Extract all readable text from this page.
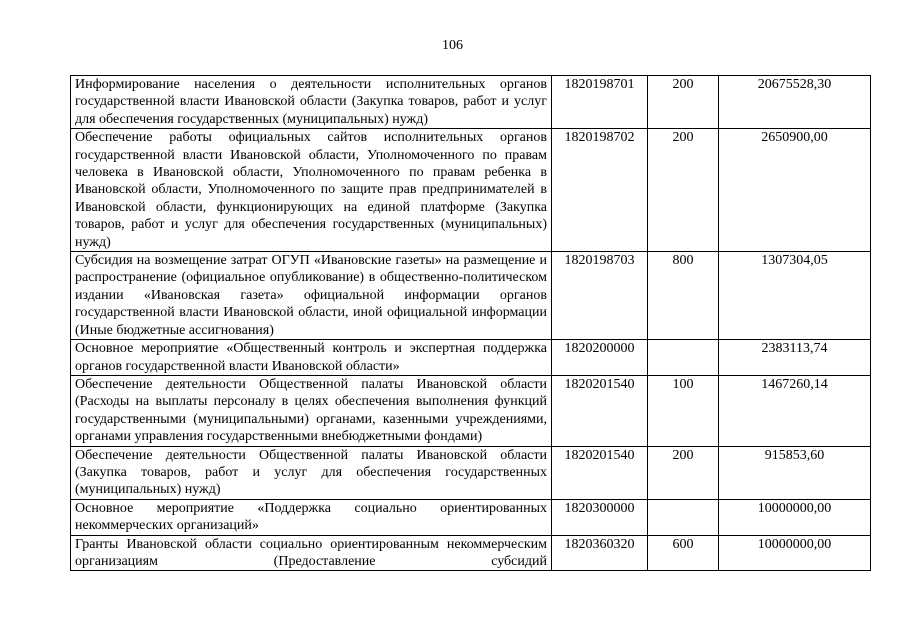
106
Информирование населения о деятельности исполнительных органов государственной власти Ивановской области (Закупка товаров, работ и услуг для обеспечения государственных (муниципальных) нужд)	1820198701	200	20675528,30
Обеспечение работы официальных сайтов исполнительных органов государственной власти Ивановской области, Уполномоченного по правам человека в Ивановской области, Уполномоченного по правам ребенка в Ивановской области, Уполномоченного по защите прав предпринимателей в Ивановской области, функционирующих на единой платформе (Закупка товаров, работ и услуг для обеспечения государственных (муниципальных) нужд)	1820198702	200	2650900,00
Субсидия на возмещение затрат ОГУП «Ивановские газеты» на размещение и распространение (официальное опубликование) в общественно-политическом издании «Ивановская газета» официальной информации органов государственной власти Ивановской области, иной официальной информации (Иные бюджетные ассигнования)	1820198703	800	1307304,05
Основное мероприятие «Общественный контроль и экспертная поддержка органов государственной власти Ивановской области»	1820200000		2383113,74
Обеспечение деятельности Общественной палаты Ивановской области (Расходы на выплаты персоналу в целях обеспечения выполнения функций государственными (муниципальными) органами, казенными учреждениями, органами управления государственными внебюджетными фондами)	1820201540	100	1467260,14
Обеспечение деятельности Общественной палаты Ивановской области (Закупка товаров, работ и услуг для обеспечения государственных (муниципальных) нужд)	1820201540	200	915853,60
Основное мероприятие «Поддержка социально ориентированных некоммерческих организаций»	1820300000		10000000,00
Гранты Ивановской области социально ориентированным некоммерческим организациям (Предоставление субсидий	1820360320	600	10000000,00
